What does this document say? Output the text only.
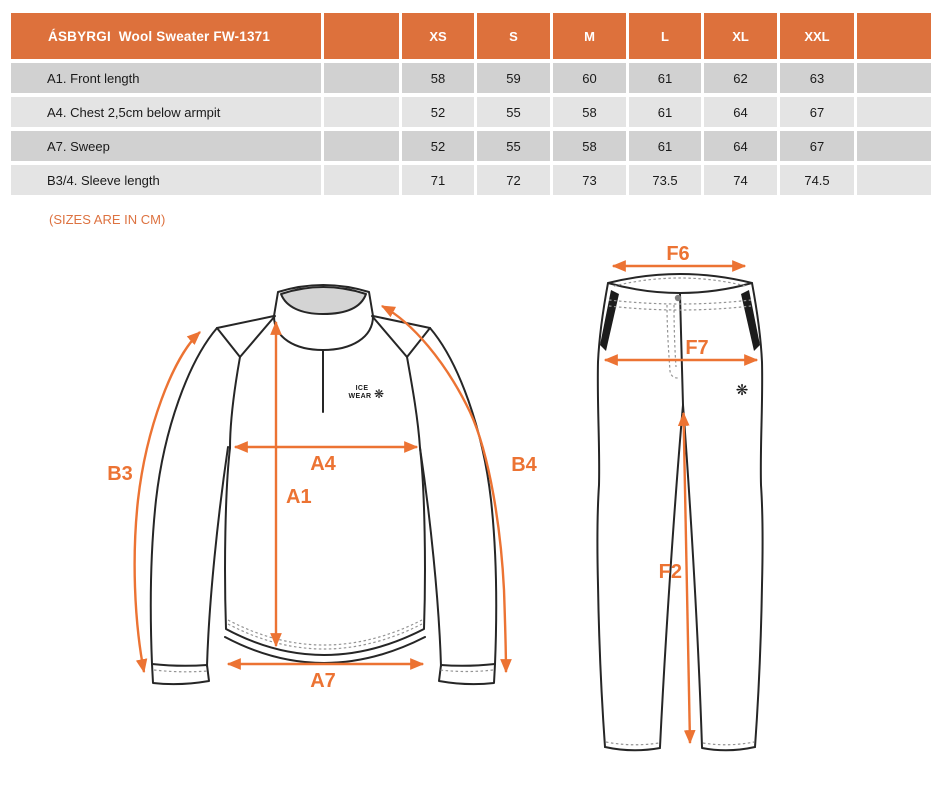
ÁSBYRGI  Wool Sweater FW-1371	XS	S	M	L	XL	XXL
A1. Front length	58	59	60	61	62	63
A4. Chest 2,5cm below armpit	52	55	58	61	64	67
A7. Sweep	52	55	58	61	64	67
B3/4. Sleeve length	71	72	73	73.5	74	74.5
(SIZES ARE IN CM)
ICE
WEAR ❋
A1
A4
A7
B3	B4
❋
F6
F7
F2
